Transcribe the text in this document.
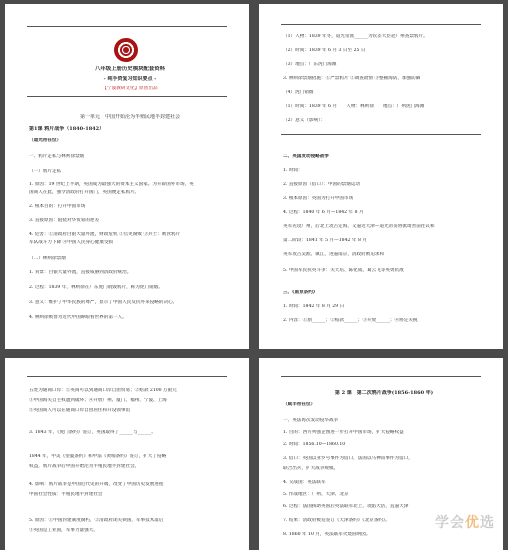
八年级上册历史模块配套资料
- 纯手资复习知识要点 -
【宁波教研文化】原创出品
第一单元　中国开始沦为半殖民地半封建社会
第1课 鸦片战争（1840-1842）
（道光帝在位）
一、鸦片走私与林则徐禁烟
（一）鸦片走私
1. 原因：19 世纪上半期，英国成为最强大的资本主义国家。为开辟国外市场，英
国商人在此，强令清政府打开国门，英国便走私鸦片。
2. 根本目的：打开中国市场
3. 直接原因：阻挠对华贸易的逆差
4. 危害：①清政府白银大量外流，财政危机 ②官吏腐败 ③兵士：吸食鸦片
军队战斗力下降 ④中国人民身心健康受损
（二）林则徐禁烟
1. 背景：白银大量外流，直接威胁到清政府统治。
2. 过程：1839 年，林则徐在广东虎门销毁鸦片，称为虎门销烟。
3. 意义：维护了中华民族的尊严，显示了中国人民反抗外来侵略的决心。
4. 林则徐被誉为近代中国睁眼看世界的第一人。
（1）人物：1839 年冬，道光帝派______为钦差大臣赴广州查禁鸦片。
（2）时间：1839 年 6 月 3 日至 25 日
（3）地点：广东虎门海滩
3. 林则徐禁烟措施：①严禁鸦片 ②调查敌情 ③整顿海防，加强防御
（4）虎门销烟
（1）时间：1839 年 6 月　　人物：林则徐　　地点：广州虎门海滩
（2）意义（影响）：
二、英国发动侵略战争
1. 时间：
2. 直接原因（借口）：中国的禁烟运动
3. 根本原因：英国为打开中国市场
4. 过程：1840 年 6 月—1842 年 8 月
英军先攻广州，后北上攻占定海，又逼近天津—道光帝妥协派琦善前往议和
第二阶段：1841 年 5 月—1842 年 8 月
英军攻占吴淞、镇江，进逼南京，清政府被迫求和
5. 中国军民抗英斗争：关天培、陈化成、葛云飞等英勇抗敌
三、《南京条约》
1. 时间：1842 年 8 月 29 日
2. 内容：①割______；②赔款______；③开放______；④协定关税
五处为通商口岸：①英商可以到通商口岸自由贸易；②赔款 2100 万银元
③中国海关自主权遭到破坏；④开放广州、厦门、福州、宁波、上海
⑤英国商人可以在通商口岸自由居住和开设领事馆
3. 1843 年，《虎门条约》签订，英国取得了______与______。
1844 年，中美《望厦条约》和中法《黄埔条约》签订，扩大了侵略
权益，鸦片战争后中国开始沦为半殖民地半封建社会。
4. 影响：鸦片战争是中国近代史的开端，改变了中国历史发展进程
中国社会性质：半殖民地半封建社会
5. 原因：①中国封建制度腐朽，②清政府闭关锁国，军事技术落后
③英国是工业国，军事力量强大。
第 2 课　第二次鸦片战争(1856-1860 年)
（咸丰帝在位）
一、英法再次发动侵华战争
1. 目的：西方列强企图进一步打开中国市场，扩大侵略权益
2. 时间：1856.10—1860.10
3. 借口：英国以亚罗号事件为借口，法国以马神甫事件为借口，
联合出兵，扩大战争规模。
4. 交战国：英法联军
5. 作战地区：广州、天津、北京
6. 过程：法国援助英国后英法联军北上，攻陷大沽，直逼天津
7. 结果：清政府被迫签订《天津条约》《北京条约》。
8. 1860 年 10 月，英法联军火烧圆明园。
学会优选
